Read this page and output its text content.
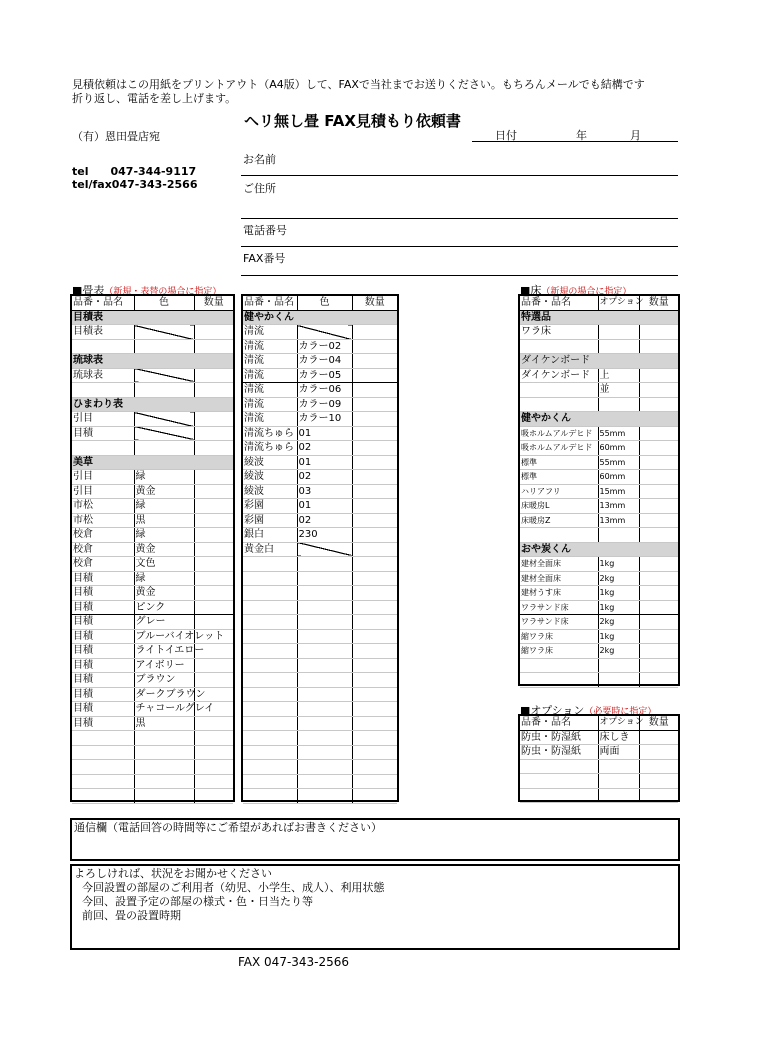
見積依頼はこの用紙をプリントアウト（A4版）して、FAXで当社までお送りください。もちろんメールでも結構です
折り返し、電話を差し上げます。
ヘリ無し畳 FAX見積もり依頼書
（有）恩田畳店宛
tel　　047-344-9117
tel/fax047-343-2566
日付	年	月
お名前
ご住所
電話番号
FAX番号
■畳表（新規・表替の場合に指定）	■床（新規の場合に指定）
■オプション（必要時に指定）
品番・品名	色	数量
目積表		
目積表		

琉球表		
琉球表		

ひまわり表		
引目		
目積		

美草		
引目	緑	
引目	黄金	
市松	緑	
市松	黒	
校倉	緑	
校倉	黄金	
校倉	文色	
目積	緑	
目積	黄金	
目積	ピンク	
目積	グレー	
目積	ブルーバイオレット	
目積	ライトイエロー	
目積	アイボリー	
目積	ブラウン	
目積	ダークブラウン	
目積	チャコールグレイ	
目積	黒	

品番・品名	色	数量
健やかくん		
清流		
清流	カラー02	
清流	カラー04	
清流	カラー05	
清流	カラー06	
清流	カラー09	
清流	カラー10	
清流ちゅら	01	
清流ちゅら	02	
綾波	01	
綾波	02	
綾波	03	
彩園	01	
彩園	02	
銀白	230	
黄金白		

品番・品名	オプション	数量
特選品		
ワラ床		

ダイケンボード		
ダイケンボード	上	
	並	

健やかくん		
吸ホルムアルデヒド	55mm	
吸ホルムアルデヒド	60mm	
標準	55mm	
標準	60mm	
ハリアフリ	15mm	
床暖房L	13mm	
床暖房Z	13mm	

おや炭くん		
建材全面床	1kg	
建材全面床	2kg	
建材うす床	1kg	
ワラサンド床	1kg	
ワラサンド床	2kg	
縮ワラ床	1kg	
縮ワラ床	2kg	

品番・品名	オプション	数量
防虫・防湿紙	床しき	
防虫・防湿紙	両面	

通信欄（電話回答の時間等にご希望があればお書きください）
よろしければ、状況をお聞かせください
今回設置の部屋のご利用者（幼児、小学生、成人）、利用状態
今回、設置予定の部屋の様式・色・日当たり等
前回、畳の設置時期
FAX 047-343-2566
